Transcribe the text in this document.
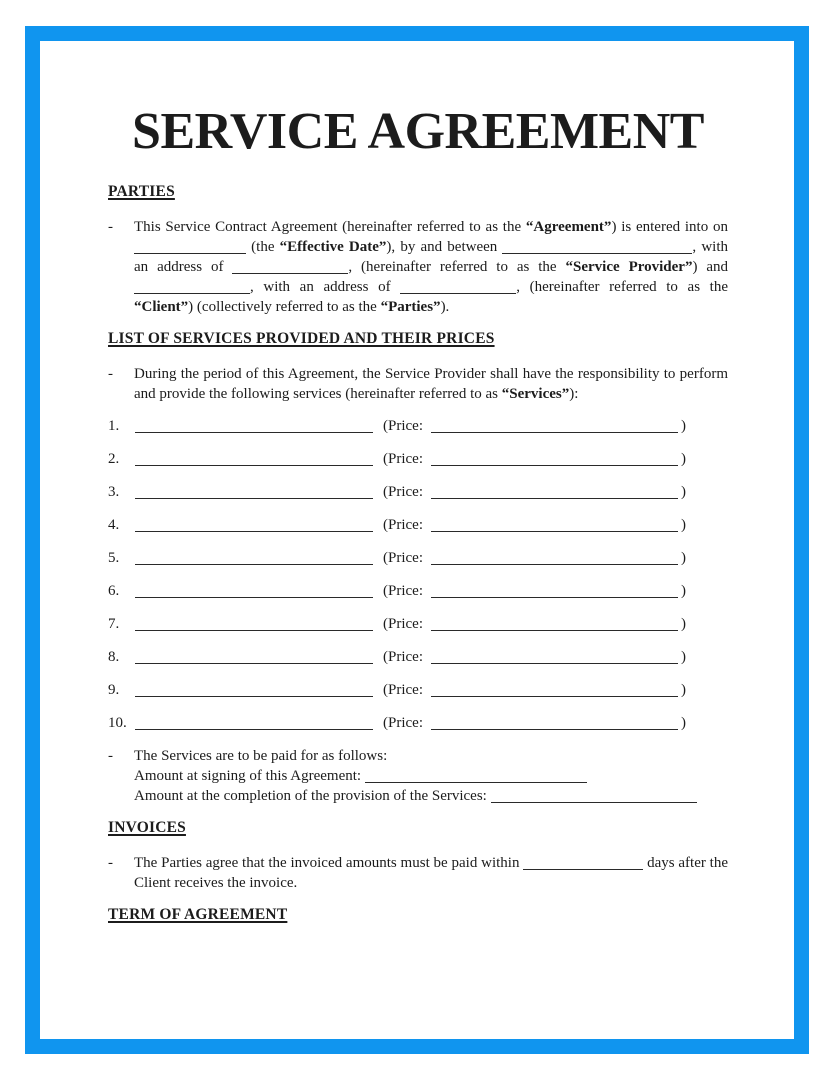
SERVICE AGREEMENT
PARTIES
-	This Service Contract Agreement (hereinafter referred to as the “Agreement”) is entered into on (the “Effective Date”), by and between	, with an address of	, (hereinafter referred to as the “Service Provider”) and , with an address of	, (hereinafter referred to as the “Client”) (collectively referred to as the “Parties”).
LIST OF SERVICES PROVIDED AND THEIR PRICES
-	During the period of this Agreement, the Service Provider shall have the responsibility to perform and provide the following services (hereinafter referred to as “Services”):
1.	(Price:	)
2.	(Price:	)
3.	(Price:	)
4.	(Price:	)
5.	(Price:	)
6.	(Price:	)
7.	(Price:	)
8.	(Price:	)
9.	(Price:	)
10.	(Price:	)
-	The Services are to be paid for as follows:
Amount at signing of this Agreement:
Amount at the completion of the provision of the Services:
INVOICES
-	The Parties agree that the invoiced amounts must be paid within	days after the Client receives the invoice.
TERM OF AGREEMENT
